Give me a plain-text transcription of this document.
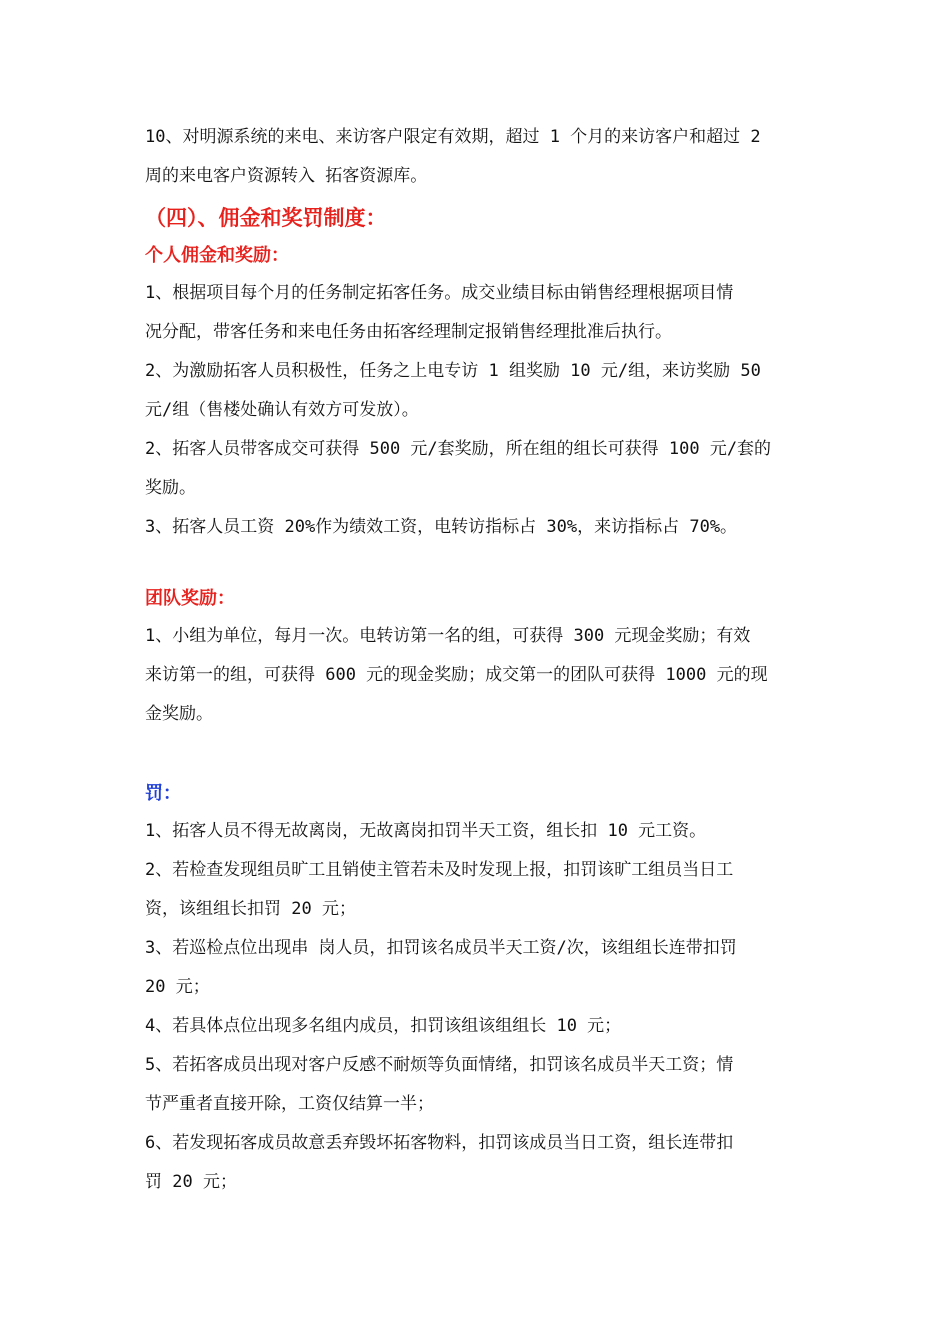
10、对明源系统的来电、来访客户限定有效期，超过 1 个月的来访客户和超过 2

周的来电客户资源转入 拓客资源库。

（四）、佣金和奖罚制度：

个人佣金和奖励：

1、根据项目每个月的任务制定拓客任务。成交业绩目标由销售经理根据项目情

况分配，带客任务和来电任务由拓客经理制定报销售经理批准后执行。

2、为激励拓客人员积极性，任务之上电专访 1 组奖励 10 元/组，来访奖励 50

元/组（售楼处确认有效方可发放）。

2、拓客人员带客成交可获得 500 元/套奖励，所在组的组长可获得 100 元/套的

奖励。

3、拓客人员工资 20%作为绩效工资，电转访指标占 30%，来访指标占 70%。

团队奖励：

1、小组为单位，每月一次。电转访第一名的组，可获得 300 元现金奖励；有效

来访第一的组，可获得 600 元的现金奖励；成交第一的团队可获得 1000 元的现

金奖励。

罚：

1、拓客人员不得无故离岗，无故离岗扣罚半天工资，组长扣 10 元工资。

2、若检查发现组员旷工且销使主管若未及时发现上报，扣罚该旷工组员当日工

资，该组组长扣罚 20 元；

3、若巡检点位出现串 岗人员，扣罚该名成员半天工资/次，该组组长连带扣罚

20 元；

4、若具体点位出现多名组内成员，扣罚该组该组组长 10 元；

5、若拓客成员出现对客户反感不耐烦等负面情绪，扣罚该名成员半天工资；情

节严重者直接开除，工资仅结算一半；

6、若发现拓客成员故意丢弃毁坏拓客物料，扣罚该成员当日工资，组长连带扣

罚 20 元；
